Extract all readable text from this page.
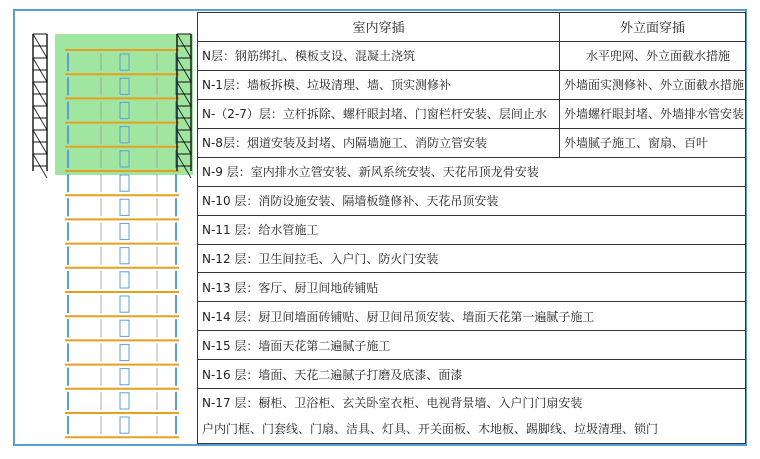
室内穿插	外立面穿插
N层：钢筋绑扎、模板支设、混凝土浇筑	水平兜网、外立面截水措施
N-1层：墙板拆模、垃圾清理、墙、顶实测修补	外墙面实测修补、外立面截水措施
N-（2-7）层：立杆拆除、螺杆眼封堵、门窗栏杆安装、层间止水	外墙螺杆眼封堵、外墙排水管安装
N-8层：烟道安装及封堵、内隔墙施工、消防立管安装	外墙腻子施工、窗扇、百叶
N-9 层：室内排水立管安装、新风系统安装、天花吊顶龙骨安装	
N-10 层：消防设施安装、隔墙板缝修补、天花吊顶安装	
N-11 层：给水管施工	
N-12 层：卫生间拉毛、入户门、防火门安装	
N-13 层：客厅、厨卫间地砖铺贴	
N-14 层：厨卫间墙面砖铺贴、厨卫间吊顶安装、墙面天花第一遍腻子施工	
N-15 层：墙面天花第二遍腻子施工	
N-16 层：墙面、天花二遍腻子打磨及底漆、面漆	

N-17 层：橱柜、卫浴柜、玄关卧室衣柜、电视背景墙、入户门门扇安装
户内门框、门套线、门扇、洁具、灯具、开关面板、木地板、踢脚线、垃圾清理、锁门	
